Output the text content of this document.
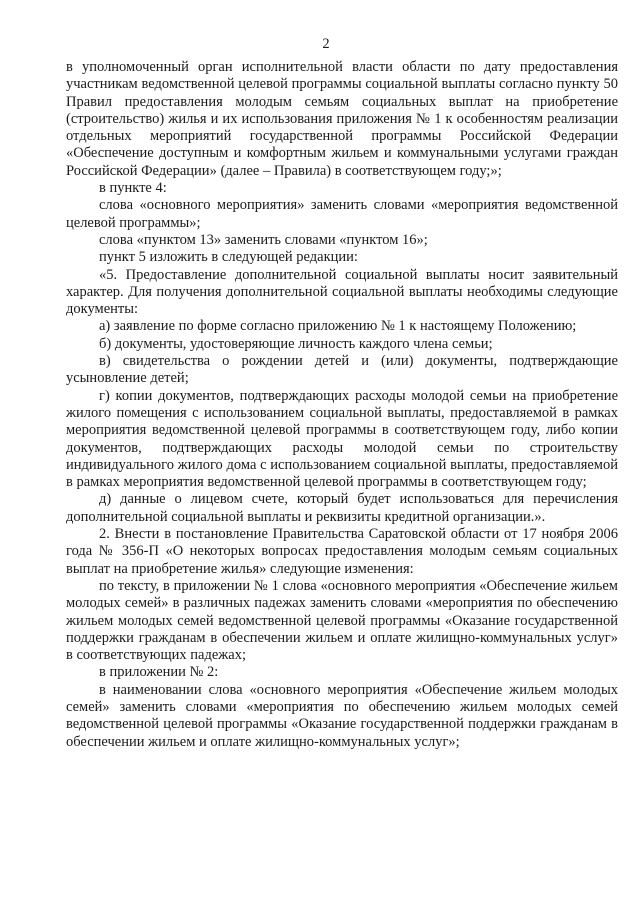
2

в уполномоченный орган исполнительной власти области по дату предоставления участникам ведомственной целевой программы социальной выплаты согласно пункту 50 Правил предоставления молодым семьям социальных выплат на приобретение (строительство) жилья и их использования приложения № 1 к особенностям реализации отдельных мероприятий государственной программы Российской Федерации «Обеспечение доступным и комфортным жильем и коммунальными услугами граждан Российской Федерации» (далее – Правила) в соответствующем году;»;

в пункте 4:

слова «основного мероприятия» заменить словами «мероприятия ведомственной целевой программы»;

слова «пунктом 13» заменить словами «пунктом 16»;

пункт 5 изложить в следующей редакции:

«5. Предоставление дополнительной социальной выплаты носит заявительный характер. Для получения дополнительной социальной выплаты необходимы следующие документы:

а) заявление по форме согласно приложению № 1 к настоящему Положению;

б) документы, удостоверяющие личность каждого члена семьи;

в) свидетельства о рождении детей и (или) документы, подтверждающие усыновление детей;

г) копии документов, подтверждающих расходы молодой семьи на приобретение жилого помещения с использованием социальной выплаты, предоставляемой в рамках мероприятия ведомственной целевой программы в соответствующем году, либо копии документов, подтверждающих расходы молодой семьи по строительству индивидуального жилого дома с использованием социальной выплаты, предоставляемой в рамках мероприятия ведомственной целевой программы в соответствующем году;

д) данные о лицевом счете, который будет использоваться для перечисления дополнительной социальной выплаты и реквизиты кредитной организации.».

2. Внести в постановление Правительства Саратовской области от 17 ноября 2006 года № 356-П «О некоторых вопросах предоставления молодым семьям социальных выплат на приобретение жилья» следующие изменения:

по тексту, в приложении № 1 слова «основного мероприятия «Обеспечение жильем молодых семей» в различных падежах заменить словами «мероприятия по обеспечению жильем молодых семей ведомственной целевой программы «Оказание государственной поддержки гражданам в обеспечении жильем и оплате жилищно-коммунальных услуг» в соответствующих падежах;

в приложении № 2:

в наименовании слова «основного мероприятия «Обеспечение жильем молодых семей» заменить словами «мероприятия по обеспечению жильем молодых семей ведомственной целевой программы «Оказание государственной поддержки гражданам в обеспечении жильем и оплате жилищно-коммунальных услуг»;
